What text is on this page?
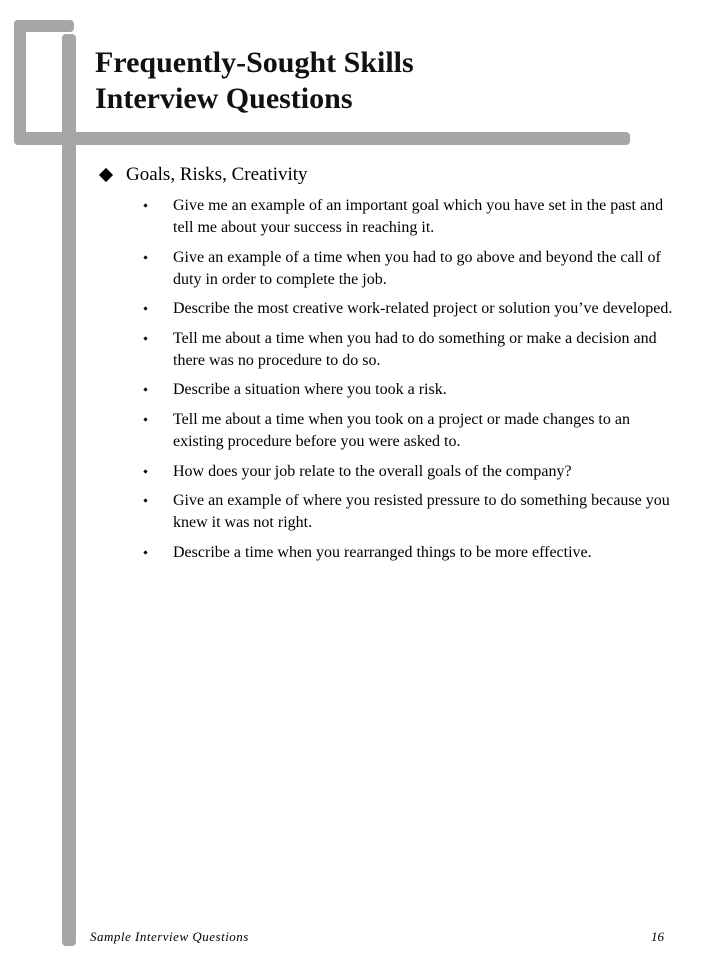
Frequently-Sought Skills
Interview Questions
Goals, Risks, Creativity
Give me an example of an important goal which you have set in the past and tell me about your success in reaching it.
Give an example of a time when you had to go above and beyond the call of duty in order to complete the job.
Describe the most creative work-related project or solution you’ve developed.
Tell me about a time when you had to do something or make a decision and there was no procedure to do so.
Describe a situation where you took a risk.
Tell me about a time when you took on a project or made changes to an existing procedure before you were asked to.
How does your job relate to the overall goals of the company?
Give an example of where you resisted pressure to do something because you knew it was not right.
Describe a time when you rearranged things to be more effective.
Sample Interview Questions	16
